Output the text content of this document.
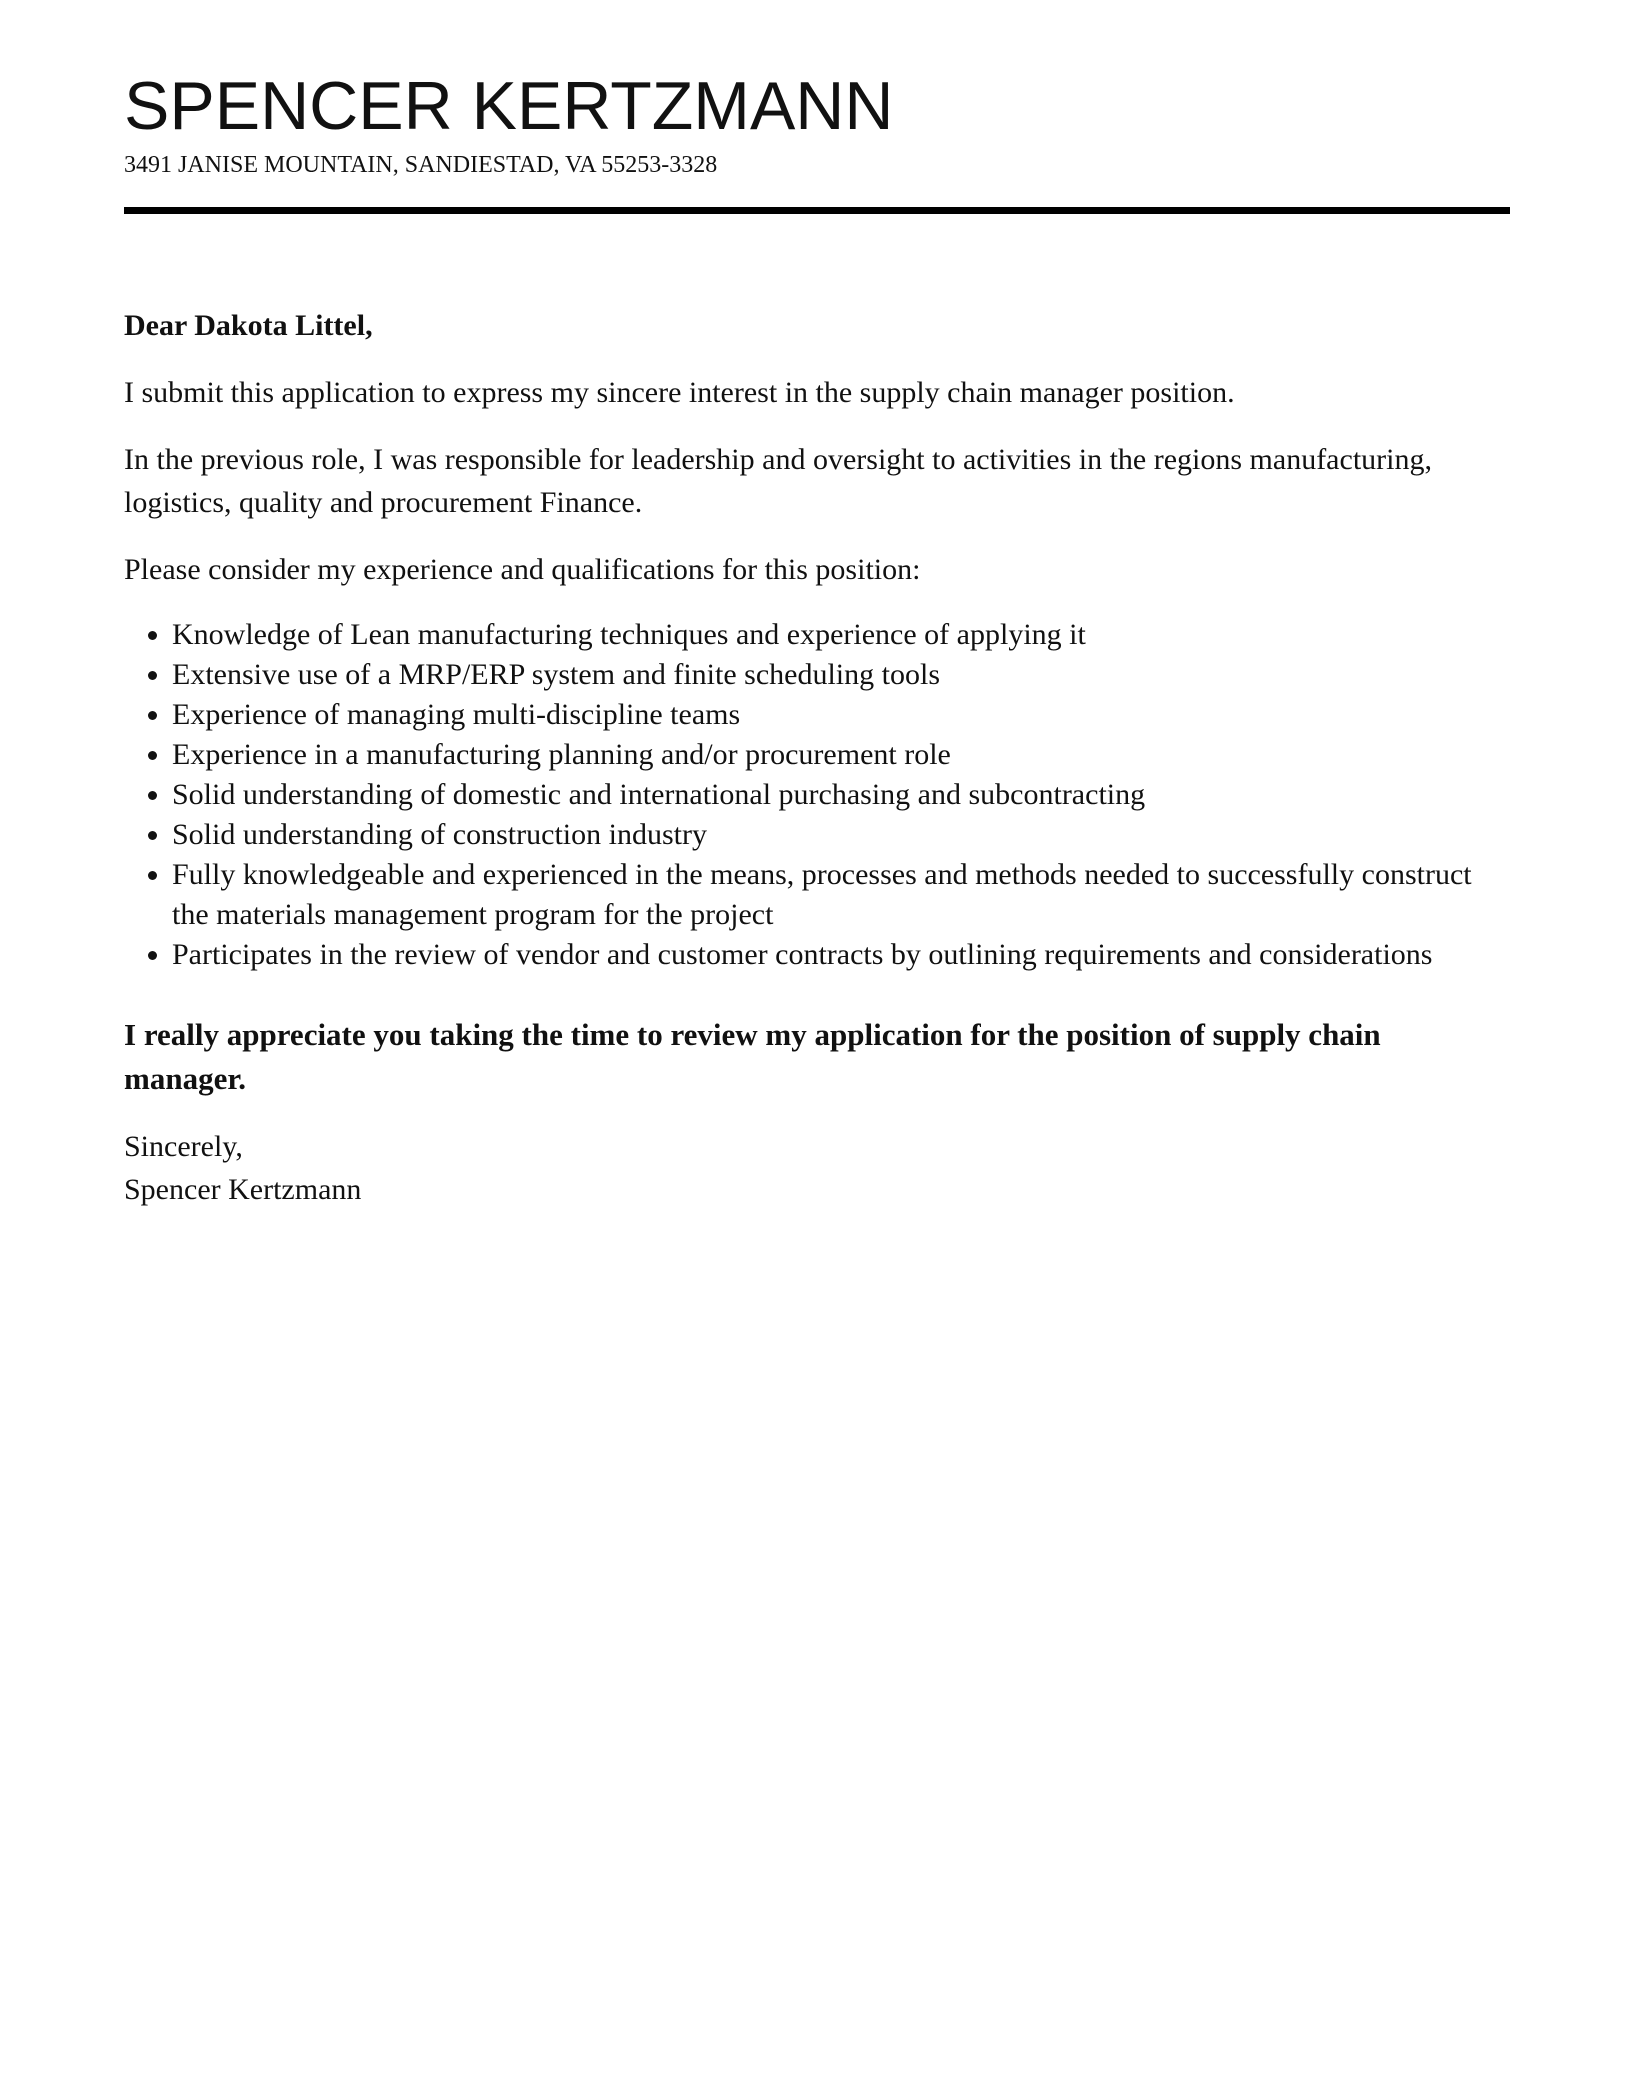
SPENCER KERTZMANN
3491 JANISE MOUNTAIN, SANDIESTAD, VA 55253-3328

Dear Dakota Littel,

I submit this application to express my sincere interest in the supply chain manager position.

In the previous role, I was responsible for leadership and oversight to activities in the regions manufacturing, logistics, quality and procurement Finance.

Please consider my experience and qualifications for this position:

• Knowledge of Lean manufacturing techniques and experience of applying it
• Extensive use of a MRP/ERP system and finite scheduling tools
• Experience of managing multi-discipline teams
• Experience in a manufacturing planning and/or procurement role
• Solid understanding of domestic and international purchasing and subcontracting
• Solid understanding of construction industry
• Fully knowledgeable and experienced in the means, processes and methods needed to successfully construct the materials management program for the project
• Participates in the review of vendor and customer contracts by outlining requirements and considerations

I really appreciate you taking the time to review my application for the position of supply chain manager.

Sincerely,
Spencer Kertzmann
